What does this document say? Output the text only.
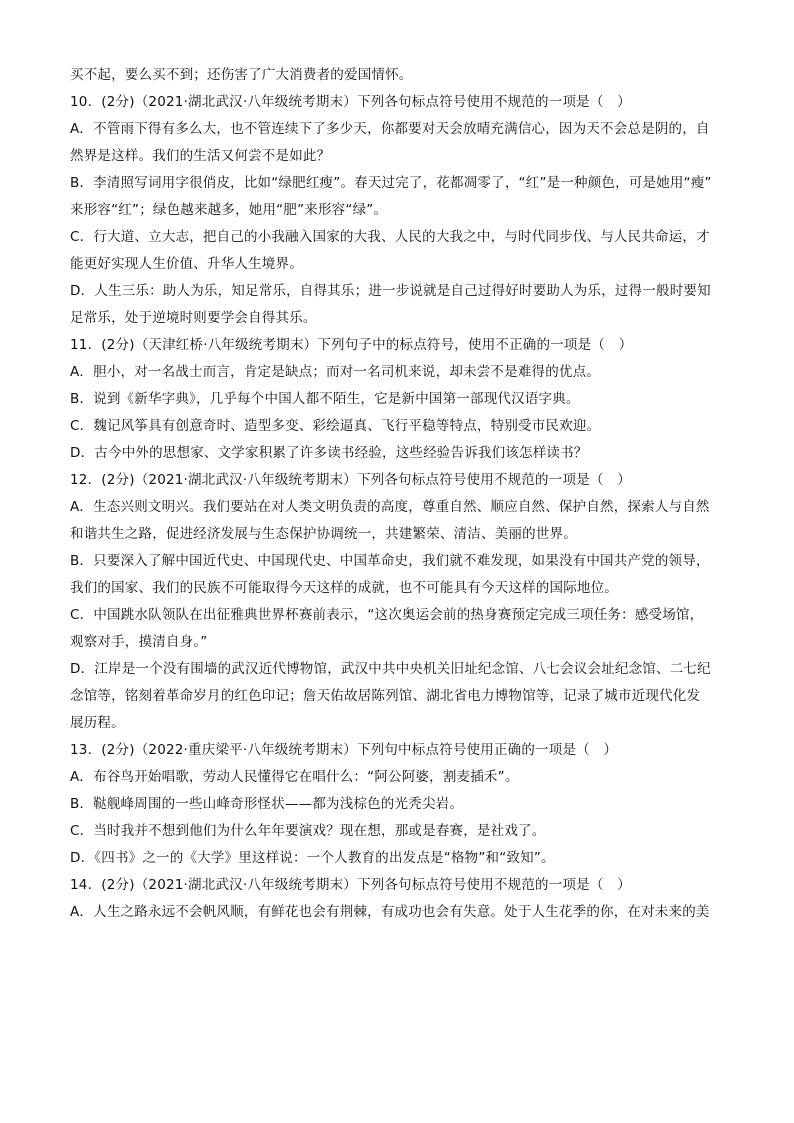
买不起，要么买不到；还伤害了广大消费者的爱国情怀。
10．(2分)（2021·湖北武汉·八年级统考期末）下列各句标点符号使用不规范的一项是（　）
A．不管雨下得有多么大，也不管连续下了多少天，你都要对天会放晴充满信心，因为天不会总是阴的，自
然界是这样。我们的生活又何尝不是如此？
B．李清照写词用字很俏皮，比如“绿肥红瘦”。春天过完了，花都凋零了，“红”是一种颜色，可是她用“瘦”
来形容“红”；绿色越来越多，她用“肥”来形容“绿”。
C．行大道、立大志，把自己的小我融入国家的大我、人民的大我之中，与时代同步伐、与人民共命运，才
能更好实现人生价值、升华人生境界。
D．人生三乐：助人为乐，知足常乐，自得其乐；进一步说就是自己过得好时要助人为乐，过得一般时要知
足常乐，处于逆境时则要学会自得其乐。
11．(2分)（天津红桥·八年级统考期末）下列句子中的标点符号，使用不正确的一项是（　）
A．胆小，对一名战士而言，肯定是缺点；而对一名司机来说，却未尝不是难得的优点。
B．说到《新华字典》，几乎每个中国人都不陌生，它是新中国第一部现代汉语字典。
C．魏记风筝具有创意奇时、造型多变、彩绘逼真、飞行平稳等特点，特别受市民欢迎。
D．古今中外的思想家、文学家积累了许多读书经验，这些经验告诉我们该怎样读书？
12．(2分)（2021·湖北武汉·八年级统考期末）下列各句标点符号使用不规范的一项是（　）
A．生态兴则文明兴。我们要站在对人类文明负责的高度，尊重自然、顺应自然、保护自然，探索人与自然
和谐共生之路，促进经济发展与生态保护协调统一，共建繁荣、清洁、美丽的世界。
B．只要深入了解中国近代史、中国现代史、中国革命史，我们就不难发现，如果没有中国共产党的领导，
我们的国家、我们的民族不可能取得今天这样的成就，也不可能具有今天这样的国际地位。
C．中国跳水队领队在出征雅典世界杯赛前表示，“这次奥运会前的热身赛预定完成三项任务：感受场馆，
观察对手，摸清自身。”
D．江岸是一个没有围墙的武汉近代博物馆，武汉中共中央机关旧址纪念馆、八七会议会址纪念馆、二七纪
念馆等，铭刻着革命岁月的红色印记；詹天佑故居陈列馆、湖北省电力博物馆等，记录了城市近现代化发
展历程。
13．(2分)（2022·重庆梁平·八年级统考期末）下列句中标点符号使用正确的一项是（　）
A．布谷鸟开始唱歌，劳动人民懂得它在唱什么：“阿公阿婆，割麦插禾”。
B．鞑舰峰周围的一些山峰奇形怪状——都为浅棕色的光秃尖岩。
C．当时我并不想到他们为什么年年要演戏？现在想，那或是春赛，是社戏了。
D．《四书》之一的《大学》里这样说：一个人教育的出发点是“格物”和“致知”。
14．(2分)（2021·湖北武汉·八年级统考期末）下列各句标点符号使用不规范的一项是（　）
A．人生之路永远不会帆风顺，有鲜花也会有荆棘，有成功也会有失意。处于人生花季的你，在对未来的美
